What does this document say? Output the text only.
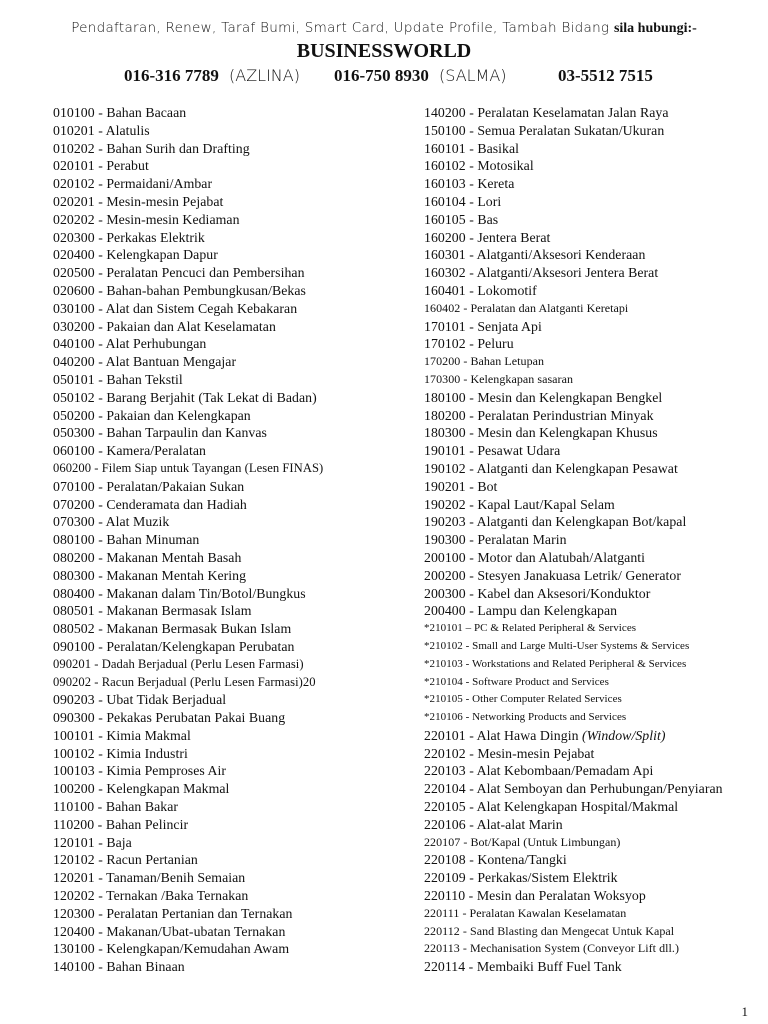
Pendaftaran, Renew, Taraf Bumi, Smart Card, Update Profile, Tambah Bidang sila hubungi:-
BUSINESSWORLD
016-316 7789 (AZLINA) 016-750 8930 (SALMA)	03-5512 7515
010100 - Bahan Bacaan
010201 - Alatulis
010202 - Bahan Surih dan Drafting
020101 - Perabut
020102 - Permaidani/Ambar
020201 - Mesin-mesin Pejabat
020202 - Mesin-mesin Kediaman
020300 - Perkakas Elektrik
020400 - Kelengkapan Dapur
020500 - Peralatan Pencuci dan Pembersihan
020600 - Bahan-bahan Pembungkusan/Bekas
030100 - Alat dan Sistem Cegah Kebakaran
030200 - Pakaian dan Alat Keselamatan
040100 - Alat Perhubungan
040200 - Alat Bantuan Mengajar
050101 - Bahan Tekstil
050102 - Barang Berjahit (Tak Lekat di Badan)
050200 - Pakaian dan Kelengkapan
050300 - Bahan Tarpaulin dan Kanvas
060100 - Kamera/Peralatan
060200 - Filem Siap untuk Tayangan (Lesen FINAS)
070100 - Peralatan/Pakaian Sukan
070200 - Cenderamata dan Hadiah
070300 - Alat Muzik
080100 - Bahan Minuman
080200 - Makanan Mentah Basah
080300 - Makanan Mentah Kering
080400 - Makanan dalam Tin/Botol/Bungkus
080501 - Makanan Bermasak Islam
080502 - Makanan Bermasak Bukan Islam
090100 - Peralatan/Kelengkapan Perubatan
090201 - Dadah Berjadual (Perlu Lesen Farmasi)
090202 - Racun Berjadual (Perlu Lesen Farmasi)20
090203 - Ubat Tidak Berjadual
090300 - Pekakas Perubatan Pakai Buang
100101 - Kimia Makmal
100102 - Kimia Industri
100103 - Kimia Pemproses Air
100200 - Kelengkapan Makmal
110100 - Bahan Bakar
110200 - Bahan Pelincir
120101 - Baja
120102 - Racun Pertanian
120201 - Tanaman/Benih Semaian
120202 - Ternakan /Baka Ternakan
120300 - Peralatan Pertanian dan Ternakan
120400 - Makanan/Ubat-ubatan Ternakan
130100 - Kelengkapan/Kemudahan Awam
140100 - Bahan Binaan
140200 - Peralatan Keselamatan Jalan Raya
150100 - Semua Peralatan Sukatan/Ukuran
160101 - Basikal
160102 - Motosikal
160103 - Kereta
160104 - Lori
160105 - Bas
160200 - Jentera Berat
160301 - Alatganti/Aksesori Kenderaan
160302 - Alatganti/Aksesori Jentera Berat
160401 - Lokomotif
160402 - Peralatan dan Alatganti Keretapi
170101 - Senjata Api
170102 - Peluru
170200 - Bahan Letupan
170300 - Kelengkapan sasaran
180100 - Mesin dan Kelengkapan Bengkel
180200 - Peralatan Perindustrian Minyak
180300 - Mesin dan Kelengkapan Khusus
190101 - Pesawat Udara
190102 - Alatganti dan Kelengkapan Pesawat
190201 - Bot
190202 - Kapal Laut/Kapal Selam
190203 - Alatganti dan Kelengkapan Bot/kapal
190300 - Peralatan Marin
200100 - Motor dan Alatubah/Alatganti
200200 - Stesyen Janakuasa Letrik/ Generator
200300 - Kabel dan Aksesori/Konduktor
200400 - Lampu dan Kelengkapan
*210101 – PC & Related Peripheral & Services
*210102 - Small and Large Multi-User Systems & Services
*210103 - Workstations and Related Peripheral & Services
*210104 - Software Product and Services
*210105 - Other Computer Related Services
*210106 - Networking Products and Services
220101 - Alat Hawa Dingin (Window/Split)
220102 - Mesin-mesin Pejabat
220103 - Alat Kebombaan/Pemadam Api
220104 - Alat Semboyan dan Perhubungan/Penyiaran
220105 - Alat Kelengkapan Hospital/Makmal
220106 - Alat-alat Marin
220107 - Bot/Kapal (Untuk Limbungan)
220108 - Kontena/Tangki
220109 - Perkakas/Sistem Elektrik
220110 - Mesin dan Peralatan Woksyop
220111 - Peralatan Kawalan Keselamatan
220112 - Sand Blasting dan Mengecat Untuk Kapal
220113 - Mechanisation System (Conveyor Lift dll.)
220114 - Membaiki Buff Fuel Tank
1
